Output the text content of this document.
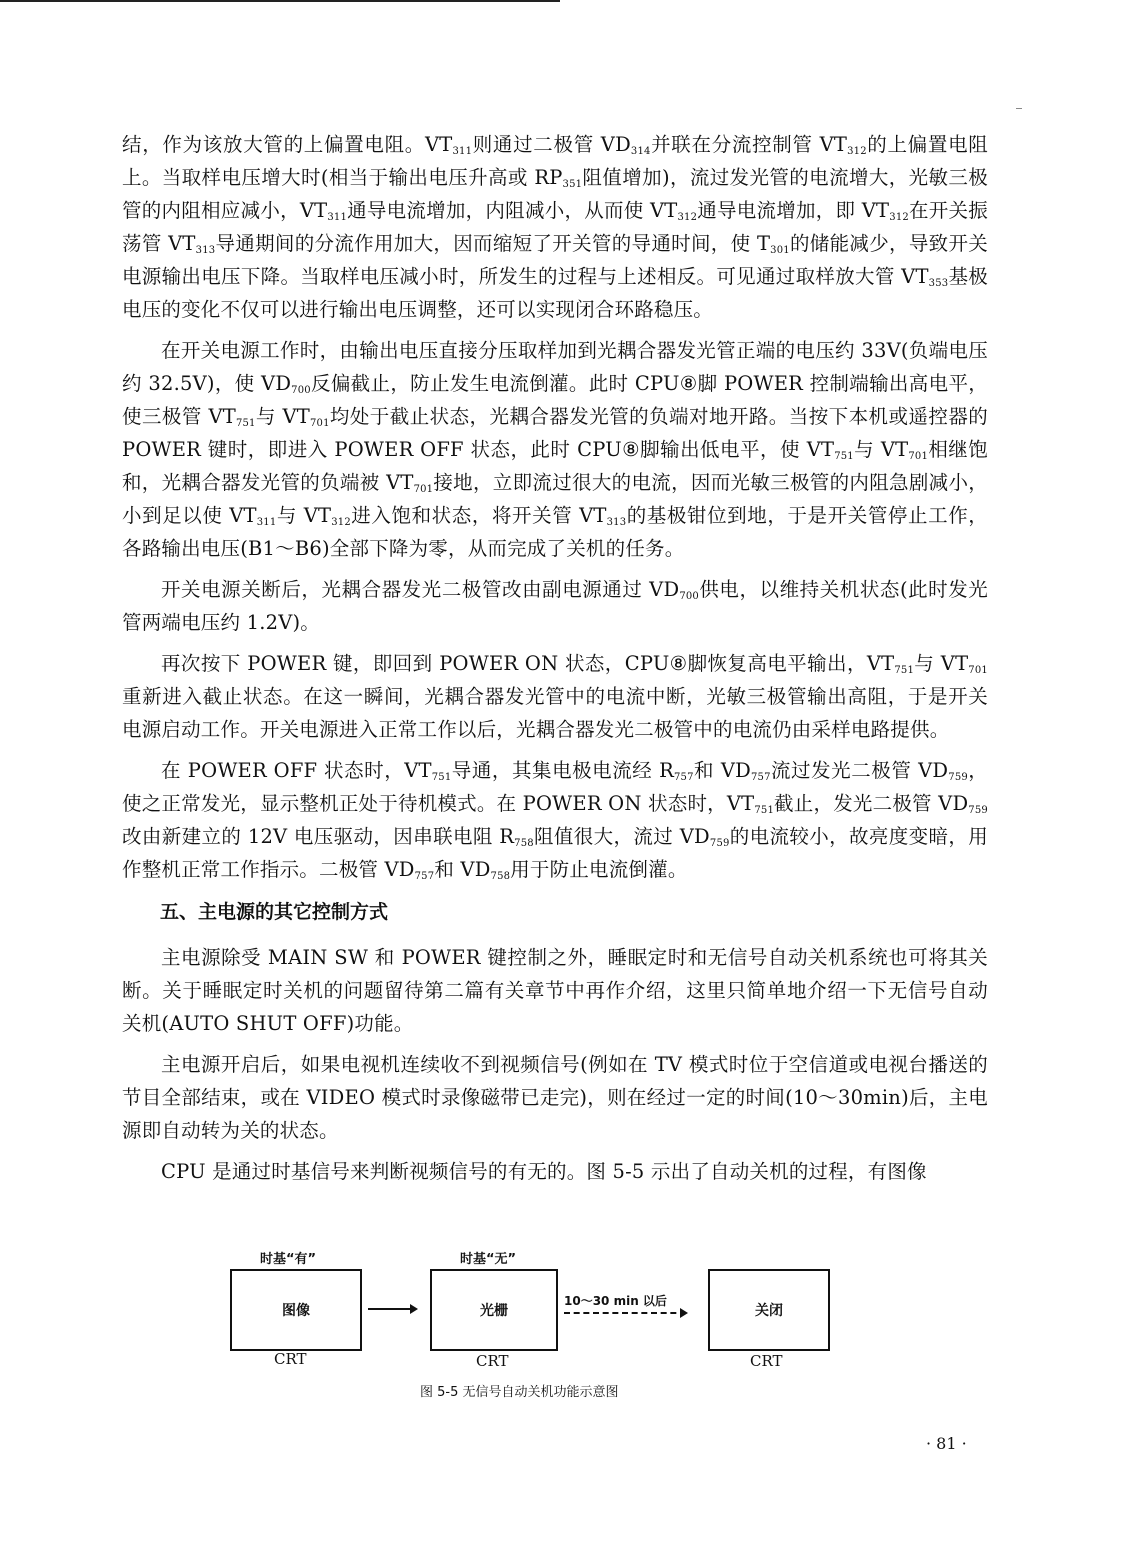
结，作为该放大管的上偏置电阻。$VT_{311}$则通过二极管 $VD_{314}$并联在分流控制管 $VT_{312}$的上偏置电阻上。当取样电压增大时(相当于输出电压升高或 $RP_{351}$阻值增加)，流过发光管的电流增大，光敏三极管的内阻相应减小，$VT_{311}$通导电流增加，内阻减小，从而使 $VT_{312}$通导电流增加，即 $VT_{312}$在开关振荡管 $VT_{313}$导通期间的分流作用加大，因而缩短了开关管的导通时间，使 $T_{301}$的储能减少，导致开关电源输出电压下降。当取样电压减小时，所发生的过程与上述相反。可见通过取样放大管 $VT_{353}$基极电压的变化不仅可以进行输出电压调整，还可以实现闭合环路稳压。

在开关电源工作时，由输出电压直接分压取样加到光耦合器发光管正端的电压约 33V(负端电压约 32.5V)，使 $VD_{700}$反偏截止，防止发生电流倒灌。此时 CPU⑧脚 POWER 控制端输出高电平，使三极管 $VT_{751}$与 $VT_{701}$均处于截止状态，光耦合器发光管的负端对地开路。当按下本机或遥控器的 POWER 键时，即进入 POWER OFF 状态，此时 CPU⑧脚输出低电平，使 $VT_{751}$与 $VT_{701}$相继饱和，光耦合器发光管的负端被 $VT_{701}$接地，立即流过很大的电流，因而光敏三极管的内阻急剧减小，小到足以使 $VT_{311}$与 $VT_{312}$进入饱和状态，将开关管 $VT_{313}$的基极钳位到地，于是开关管停止工作，各路输出电压(B1～B6)全部下降为零，从而完成了关机的任务。

开关电源关断后，光耦合器发光二极管改由副电源通过 $VD_{700}$供电，以维持关机状态(此时发光管两端电压约 1.2V)。

再次按下 POWER 键，即回到 POWER ON 状态，CPU⑧脚恢复高电平输出，$VT_{751}$与 $VT_{701}$重新进入截止状态。在这一瞬间，光耦合器发光管中的电流中断，光敏三极管输出高阻，于是开关电源启动工作。开关电源进入正常工作以后，光耦合器发光二极管中的电流仍由采样电路提供。

在 POWER OFF 状态时，$VT_{751}$导通，其集电极电流经 $R_{757}$和 $VD_{757}$流过发光二极管 $VD_{759}$，使之正常发光，显示整机正处于待机模式。在 POWER ON 状态时，$VT_{751}$截止，发光二极管 $VD_{759}$改由新建立的 12V 电压驱动，因串联电阻 $R_{758}$阻值很大，流过 $VD_{759}$的电流较小，故亮度变暗，用作整机正常工作指示。二极管 $VD_{757}$和 $VD_{758}$用于防止电流倒灌。

五、主电源的其它控制方式

主电源除受 MAIN SW 和 POWER 键控制之外，睡眠定时和无信号自动关机系统也可将其关断。关于睡眠定时关机的问题留待第二篇有关章节中再作介绍，这里只简单地介绍一下无信号自动关机(AUTO SHUT OFF)功能。

主电源开启后，如果电视机连续收不到视频信号(例如在 TV 模式时位于空信道或电视台播送的节目全部结束，或在 VIDEO 模式时录像磁带已走完)，则在经过一定的时间(10～30min)后，主电源即自动转为关的状态。

CPU 是通过时基信号来判断视频信号的有无的。图 5-5 示出了自动关机的过程，有图像

时基“有”
图像
CRT
时基“无”
光栅
CRT
10～30 min 以后
关闭
CRT
图 5-5 无信号自动关机功能示意图
· 81 ·
